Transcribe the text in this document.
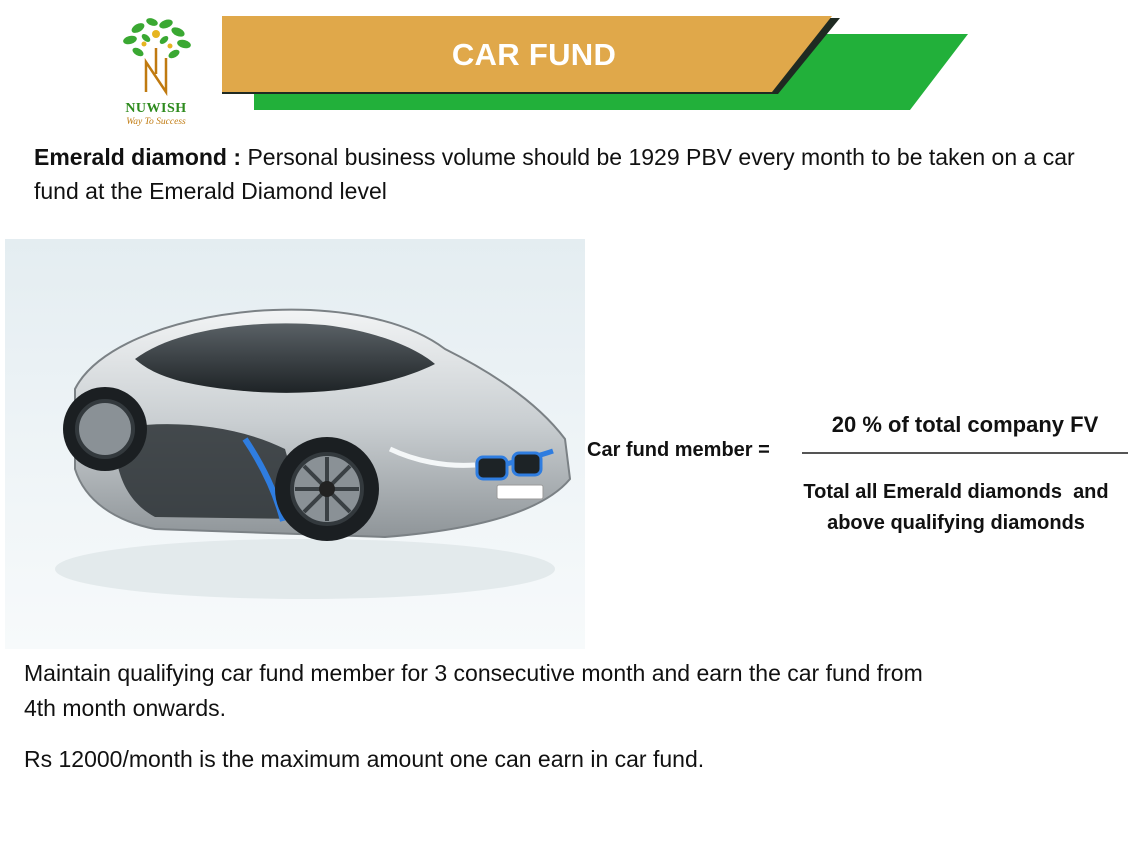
NUWISH
Way To Success
CAR FUND
Emerald diamond : Personal business volume should be 1929 PBV every month to be taken on a car fund at the Emerald Diamond level
Car fund member =
20 % of total company FV
Total all Emerald diamonds  and
above qualifying diamonds
Maintain qualifying car fund member for 3 consecutive month and earn the car fund from
4th month onwards.
Rs 12000/month is the maximum amount one can earn in car fund.
